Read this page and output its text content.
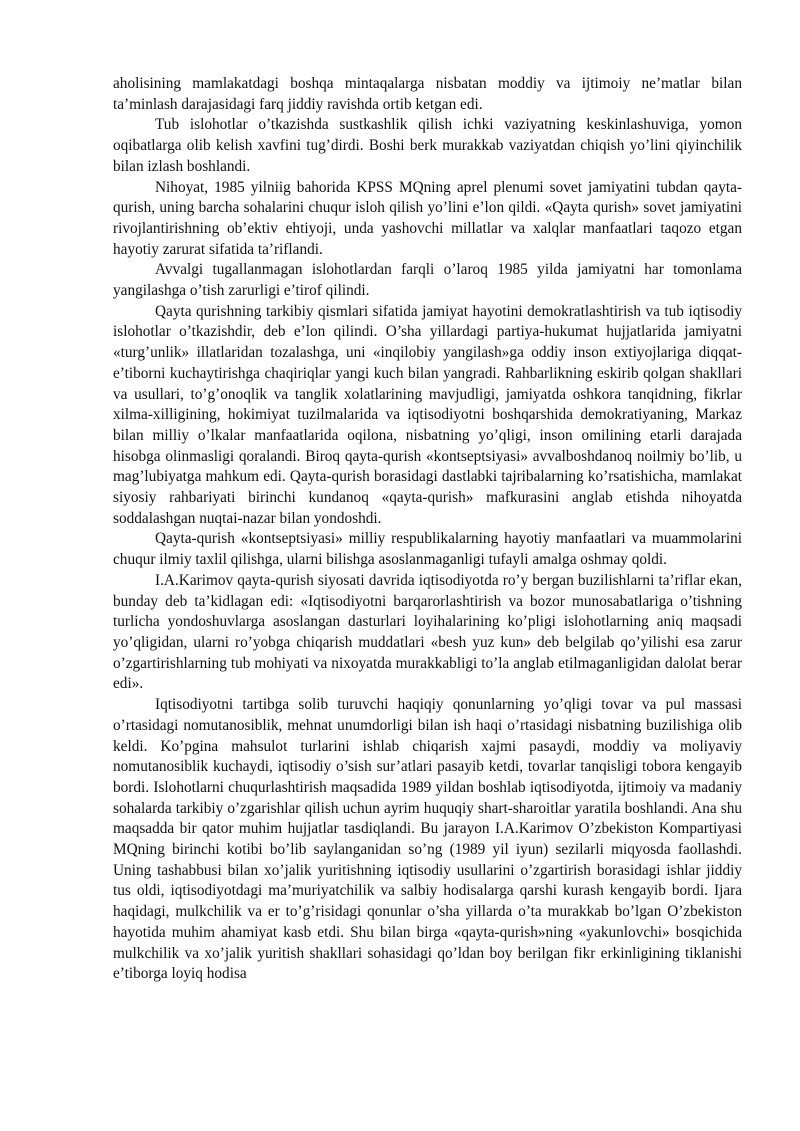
aholisining mamlakatdagi boshqa mintaqalarga nisbatan moddiy va ijtimoiy ne’matlar bilan ta’minlash darajasidagi farq jiddiy ravishda ortib ketgan edi.

Tub islohotlar o’tkazishda sustkashlik qilish ichki vaziyatning keskinlashuviga, yomon oqibatlarga olib kelish xavfini tug’dirdi. Boshi berk murakkab vaziyatdan chiqish yo’lini qiyinchilik bilan izlash boshlandi.

Nihoyat, 1985 yilniig bahorida KPSS MQning aprel plenumi sovet jamiyatini tubdan qayta-qurish, uning barcha sohalarini chuqur isloh qilish yo’lini e’lon qildi. «Qayta qurish» sovet jamiyatini rivojlantirishning ob’ektiv ehtiyoji, unda yashovchi millatlar va xalqlar manfaatlari taqozo etgan hayotiy zarurat sifatida ta’riflandi.

Avvalgi tugallanmagan islohotlardan farqli o’laroq 1985 yilda jamiyatni har tomonlama yangilashga o’tish zarurligi e’tirof qilindi.

Qayta qurishning tarkibiy qismlari sifatida jamiyat hayotini demokratlashtirish va tub iqtisodiy islohotlar o’tkazishdir, deb e’lon qilindi. O’sha yillardagi partiya-hukumat hujjatlarida jamiyatni «turg’unlik» illatlaridan tozalashga, uni «inqilobiy yangilash»ga oddiy inson extiyojlariga diqqat-e’tiborni kuchaytirishga chaqiriqlar yangi kuch bilan yangradi. Rahbarlikning eskirib qolgan shakllari va usullari, to’g’onoqlik va tanglik xolatlarining mavjudligi, jamiyatda oshkora tanqidning, fikrlar xilma-xilligining, hokimiyat tuzilmalarida va iqtisodiyotni boshqarshida demokratiyaning, Markaz bilan milliy o’lkalar manfaatlarida oqilona, nisbatning yo’qligi, inson omilining etarli darajada hisobga olinmasligi qoralandi. Biroq qayta-qurish «kontseptsiyasi» avvalboshdanoq noilmiy bo’lib, u mag’lubiyatga mahkum edi. Qayta-qurish borasidagi dastlabki tajribalarning ko’rsatishicha, mamlakat siyosiy rahbariyati birinchi kundanoq «qayta-qurish» mafkurasini anglab etishda nihoyatda soddalashgan nuqtai-nazar bilan yondoshdi.

Qayta-qurish «kontseptsiyasi» milliy respublikalarning hayotiy manfaatlari va muammolarini chuqur ilmiy taxlil qilishga, ularni bilishga asoslanmaganligi tufayli amalga oshmay qoldi.

I.A.Karimov qayta-qurish siyosati davrida iqtisodiyotda ro’y bergan buzilishlarni ta’riflar ekan, bunday deb ta’kidlagan edi: «Iqtisodiyotni barqarorlashtirish va bozor munosabatlariga o’tishning turlicha yondoshuvlarga asoslangan dasturlari loyihalarining ko’pligi islohotlarning aniq maqsadi yo’qligidan, ularni ro’yobga chiqarish muddatlari «besh yuz kun» deb belgilab qo’yilishi esa zarur o’zgartirishlarning tub mohiyati va nixoyatda murakkabligi to’la anglab etilmaganligidan dalolat berar edi».

Iqtisodiyotni tartibga solib turuvchi haqiqiy qonunlarning yo’qligi tovar va pul massasi o’rtasidagi nomutanosiblik, mehnat unumdorligi bilan ish haqi o’rtasidagi nisbatning buzilishiga olib keldi. Ko’pgina mahsulot turlarini ishlab chiqarish xajmi pasaydi, moddiy va moliyaviy nomutanosiblik kuchaydi, iqtisodiy o’sish sur’atlari pasayib ketdi, tovarlar tanqisligi tobora kengayib bordi. Islohotlarni chuqurlashtirish maqsadida 1989 yildan boshlab iqtisodiyotda, ijtimoiy va madaniy sohalarda tarkibiy o’zgarishlar qilish uchun ayrim huquqiy shart-sharoitlar yaratila boshlandi. Ana shu maqsadda bir qator muhim hujjatlar tasdiqlandi. Bu jarayon I.A.Karimov O’zbekiston Kompartiyasi MQning birinchi kotibi bo’lib saylanganidan so’ng (1989 yil iyun) sezilarli miqyosda faollashdi. Uning tashabbusi bilan xo’jalik yuritishning iqtisodiy usullarini o’zgartirish borasidagi ishlar jiddiy tus oldi, iqtisodiyotdagi ma’muriyatchilik va salbiy hodisalarga qarshi kurash kengayib bordi. Ijara haqidagi, mulkchilik va er to’g’risidagi qonunlar o’sha yillarda o’ta murakkab bo’lgan O’zbekiston hayotida muhim ahamiyat kasb etdi. Shu bilan birga «qayta-qurish»ning «yakunlovchi» bosqichida mulkchilik va xo’jalik yuritish shakllari sohasidagi qo’ldan boy berilgan fikr erkinligining tiklanishi e’tiborga loyiq hodisa
